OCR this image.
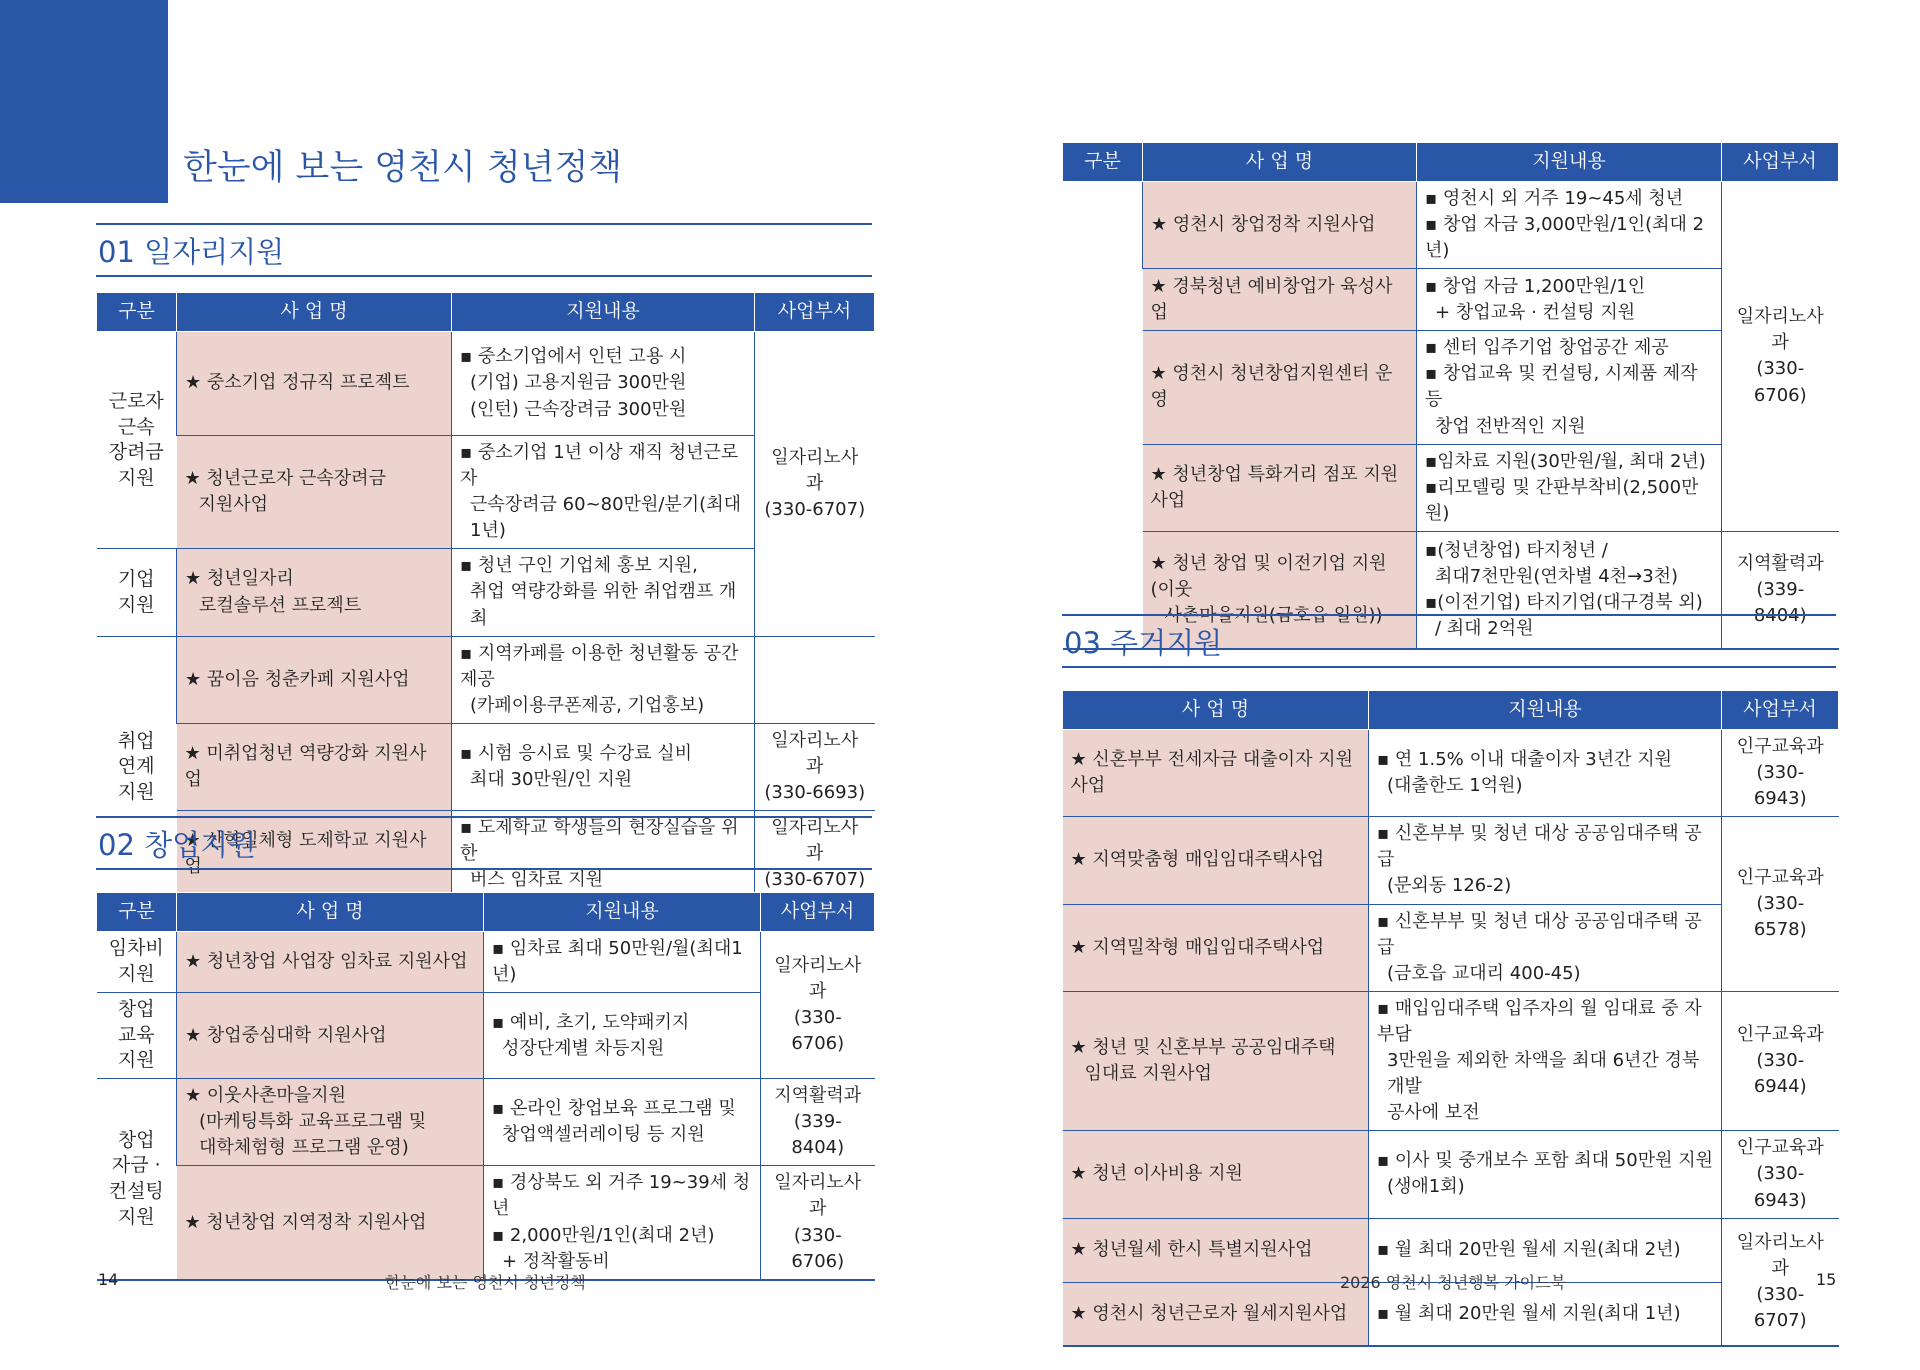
1 한눈에 보는 영천시 청년정책
01 일자리지원
구분	사 업 명	지원내용	사업부서

근로자
근속
장려금
지원	★ 중소기업 정규직 프로젝트	▪ 중소기업에서 인턴 고용 시
(기업) 고용지원금 300만원
(인턴) 근속장려금 300만원	일자리노사과
(330-6707)

	★ 청년근로자 근속장려금
지원사업	▪ 중소기업 1년 이상 재직 청년근로자
근속장려금 60~80만원/분기(최대1년)	

기업
지원	★ 청년일자리
로컬솔루션 프로젝트	▪ 청년 구인 기업체 홍보 지원,
취업 역량강화를 위한 취업캠프 개최	

취업
연계
지원	★ 꿈이음 청춘카페 지원사업	▪ 지역카페를 이용한 청년활동 공간 제공
(카페이용쿠폰제공, 기업홍보)	

	★ 미취업청년 역량강화 지원사업	▪ 시험 응시료 및 수강료 실비
최대 30만원/인 지원	일자리노사과
(330-6693)

	★ 산학일체형 도제학교 지원사업	▪ 도제학교 학생들의 현장실습을 위한
버스 임차료 지원	일자리노사과
(330-6707)
02 창업지원
구분	사 업 명	지원내용	사업부서

임차비
지원	★ 청년창업 사업장 임차료 지원사업	▪ 임차료 최대 50만원/월(최대1년)	일자리노사과
(330-6706)

창업
교육
지원	★ 창업중심대학 지원사업	▪ 예비, 초기, 도약패키지
성장단계별 차등지원	

창업
자금 ·
컨설팅
지원	★ 이웃사촌마을지원
(마케팅특화 교육프로그램 및
대학체험형 프로그램 운영)	▪ 온라인 창업보육 프로그램 및
창업액셀러레이팅 등 지원	지역활력과
(339-8404)

	★ 청년창업 지역정착 지원사업	▪ 경상북도 외 거주 19~39세 청년
▪ 2,000만원/1인(최대 2년)
+ 정착활동비	일자리노사과
(330-6706)
구분	사 업 명	지원내용	사업부서
	★ 영천시 창업정착 지원사업	▪ 영천시 외 거주 19~45세 청년
▪ 창업 자금 3,000만원/1인(최대 2년)	일자리노사과
(330-6706)

	★ 경북청년 예비창업가 육성사업	▪ 창업 자금 1,200만원/1인
+ 창업교육 · 컨설팅 지원	

	★ 영천시 청년창업지원센터 운영	▪ 센터 입주기업 창업공간 제공
▪ 창업교육 및 컨설팅, 시제품 제작 등
창업 전반적인 지원	

	★ 청년창업 특화거리 점포 지원사업	▪임차료 지원(30만원/월, 최대 2년)
▪리모델링 및 간판부착비(2,500만원)	

	★ 청년 창업 및 이전기업 지원(이웃
사촌마을지원(금호읍 일원))	▪(청년창업) 타지청년 /
최대7천만원(연차별 4천→3천)
▪(이전기업) 타지기업(대구경북 외)
/ 최대 2억원	지역활력과
(339-8404)
03 주거지원
사 업 명	지원내용	사업부서
★ 신혼부부 전세자금 대출이자 지원사업	▪ 연 1.5% 이내 대출이자 3년간 지원
(대출한도 1억원)	인구교육과
(330-6943)

★ 지역맞춤형 매입임대주택사업	▪ 신혼부부 및 청년 대상 공공임대주택 공급
(문외동 126-2)	인구교육과
(330-6578)

★ 지역밀착형 매입임대주택사업	▪ 신혼부부 및 청년 대상 공공임대주택 공급
(금호읍 교대리 400-45)	

★ 청년 및 신혼부부 공공임대주택
임대료 지원사업	▪ 매입임대주택 입주자의 월 임대료 중 자부담
3만원을 제외한 차액을 최대 6년간 경북개발
공사에 보전	인구교육과
(330-6944)

★ 청년 이사비용 지원	▪ 이사 및 중개보수 포함 최대 50만원 지원
(생애1회)	인구교육과
(330-6943)

★ 청년월세 한시 특별지원사업	▪ 월 최대 20만원 월세 지원(최대 2년)	일자리노사과
(330-6707)

★ 영천시 청년근로자 월세지원사업	▪ 월 최대 20만원 월세 지원(최대 1년)	
14	한눈에 보는 영천시 청년정책	2026 영천시 청년행복 가이드북	15
